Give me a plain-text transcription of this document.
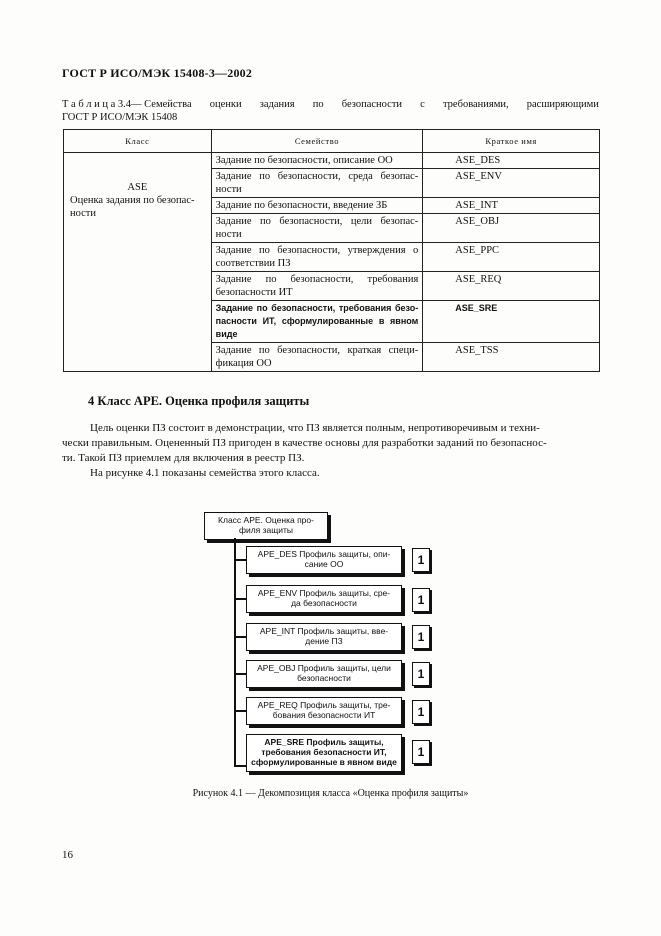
ГОСТ Р ИСО/МЭК 15408-3—2002
Т а б л и ц а 3.4— Семейства оценки задания по безопасности с требованиями, расширяющими
ГОСТ Р ИСО/МЭК 15408
Класс	Семейство	Краткое имя

ASE
Оценка задания по безопас-ности	Задание по безопасности, описание ОО	ASE_DES
	Задание по безопасности, среда безопас-ности	ASE_ENV
	Задание по безопасности, введение ЗБ	ASE_INT
	Задание по безопасности, цели безопас-ности	ASE_OBJ
	Задание по безопасности, утверждения о соответствии ПЗ	ASE_PPC
	Задание по безопасности, требования безопасности ИТ	ASE_REQ
	Задание по безопасности, требования безо-пасности ИТ, сформулированные в явном виде	ASE_SRE
	Задание по безопасности, краткая специ-фикация ОО	ASE_TSS
4 Класс APE. Оценка профиля защиты
Цель оценки ПЗ состоит в демонстрации, что ПЗ является полным, непротиворечивым и техни-
чески правильным. Оцененный ПЗ пригоден в качестве основы для разработки заданий по безопаснос-
ти. Такой ПЗ приемлем для включения в реестр ПЗ.
На рисунке 4.1 показаны семейства этого класса.
Класс APE. Оценка про-
филя защиты
APE_DES Профиль защиты, опи-
сание ОО	1
APE_ENV Профиль защиты, сре-
да безопасности	1
APE_INT Профиль защиты, вве-
дение ПЗ	1
APE_OBJ Профиль защиты, цели
безопасности	1
APE_REQ Профиль защиты, тре-
бования безопасности ИТ	1
APE_SRE Профиль защиты,
требования безопасности ИТ,
сформулированные в явном виде
1
Рисунок 4.1 — Декомпозиция класса «Оценка профиля защиты»
16
